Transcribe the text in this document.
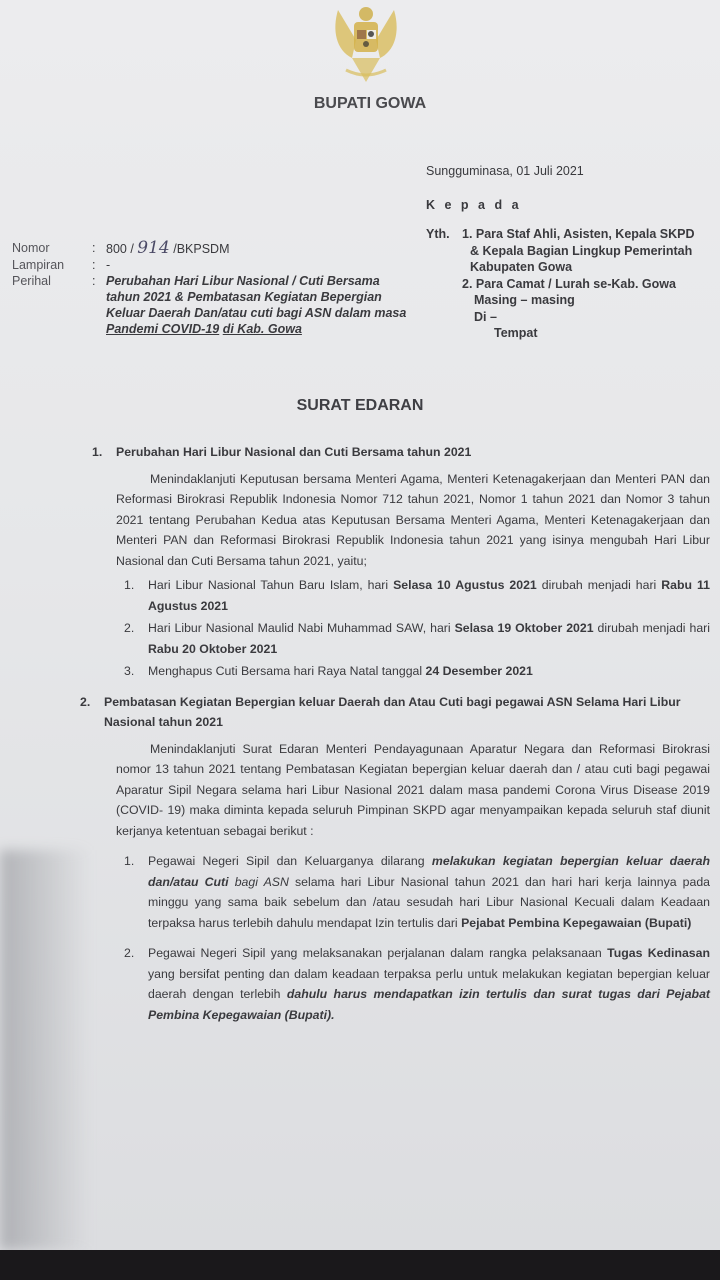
BUPATI GOWA
Sungguminasa, 01 Juli 2021
K e p a d a
Yth. 1. Para Staf Ahli, Asisten, Kepala SKPD
& Kepala Bagian Lingkup Pemerintah
Kabupaten Gowa
2. Para Camat / Lurah se-Kab. Gowa
Masing – masing
Di –
Tempat
Nomor	: 800 / 914 /BKPSDM
Lampiran	: -
Perihal	: Perubahan Hari Libur Nasional / Cuti Bersama tahun 2021 & Pembatasan Kegiatan Bepergian Keluar Daerah Dan/atau cuti bagi ASN dalam masa Pandemi COVID-19 di Kab. Gowa
SURAT EDARAN
1. Perubahan Hari Libur Nasional dan Cuti Bersama tahun 2021
Menindaklanjuti Keputusan bersama Menteri Agama, Menteri Ketenagakerjaan dan Menteri PAN dan Reformasi Birokrasi Republik Indonesia Nomor 712 tahun 2021, Nomor 1 tahun 2021 dan Nomor 3 tahun 2021 tentang Perubahan Kedua atas Keputusan Bersama Menteri Agama, Menteri Ketenagakerjaan dan Menteri PAN dan Reformasi Birokrasi Republik Indonesia tahun 2021 yang isinya mengubah Hari Libur Nasional dan Cuti Bersama tahun 2021, yaitu;
1. Hari Libur Nasional Tahun Baru Islam, hari Selasa 10 Agustus 2021 dirubah menjadi hari Rabu 11 Agustus 2021
2. Hari Libur Nasional Maulid Nabi Muhammad SAW, hari Selasa 19 Oktober 2021 dirubah menjadi hari Rabu 20 Oktober 2021
3. Menghapus Cuti Bersama hari Raya Natal tanggal 24 Desember 2021
2. Pembatasan Kegiatan Bepergian keluar Daerah dan Atau Cuti bagi pegawai ASN Selama Hari Libur Nasional tahun 2021
Menindaklanjuti Surat Edaran Menteri Pendayagunaan Aparatur Negara dan Reformasi Birokrasi nomor 13 tahun 2021 tentang Pembatasan Kegiatan bepergian keluar daerah dan / atau cuti bagi pegawai Aparatur Sipil Negara selama hari Libur Nasional 2021 dalam masa pandemi Corona Virus Disease 2019 (COVID- 19) maka diminta kepada seluruh Pimpinan SKPD agar menyampaikan kepada seluruh staf diunit kerjanya ketentuan sebagai berikut :
1. Pegawai Negeri Sipil dan Keluarganya dilarang melakukan kegiatan bepergian keluar daerah dan/atau Cuti bagi ASN selama hari Libur Nasional tahun 2021 dan hari hari kerja lainnya pada minggu yang sama baik sebelum dan /atau sesudah hari Libur Nasional Kecuali dalam Keadaan terpaksa harus terlebih dahulu mendapat Izin tertulis dari Pejabat Pembina Kepegawaian (Bupati)
2. Pegawai Negeri Sipil yang melaksanakan perjalanan dalam rangka pelaksanaan Tugas Kedinasan yang bersifat penting dan dalam keadaan terpaksa perlu untuk melakukan kegiatan bepergian keluar daerah dengan terlebih dahulu harus mendapatkan izin tertulis dan surat tugas dari Pejabat Pembina Kepegawaian (Bupati).
